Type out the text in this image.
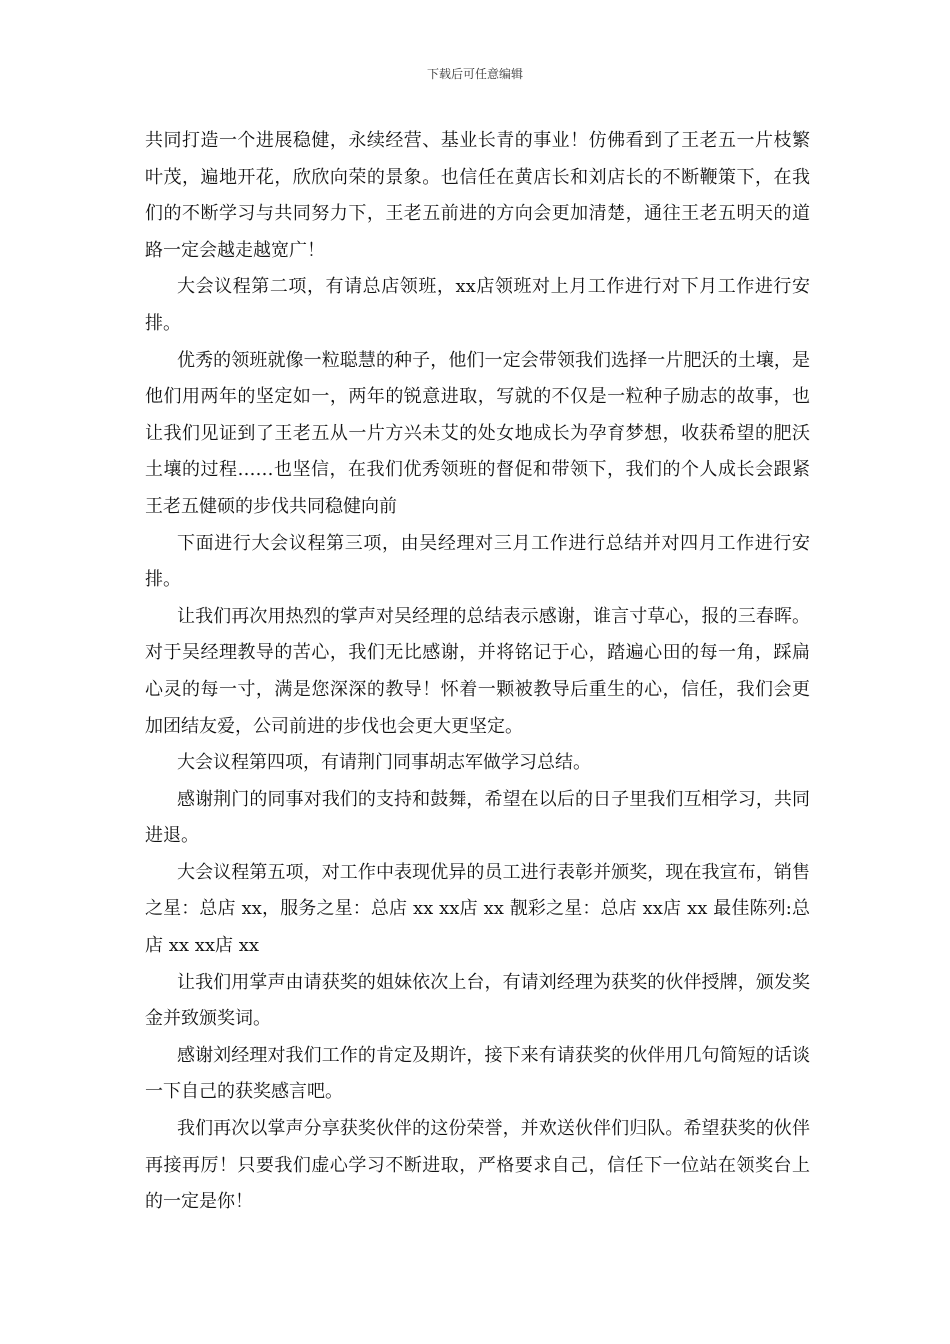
下载后可任意编辑

共同打造一个进展稳健，永续经营、基业长青的事业！仿佛看到了王老五一片枝繁叶茂，遍地开花，欣欣向荣的景象。也信任在黄店长和刘店长的不断鞭策下，在我们的不断学习与共同努力下，王老五前进的方向会更加清楚，通往王老五明天的道路一定会越走越宽广！

大会议程第二项，有请总店领班，xx店领班对上月工作进行对下月工作进行安排。

优秀的领班就像一粒聪慧的种子，他们一定会带领我们选择一片肥沃的土壤，是他们用两年的坚定如一，两年的锐意进取，写就的不仅是一粒种子励志的故事，也让我们见证到了王老五从一片方兴未艾的处女地成长为孕育梦想，收获希望的肥沃土壤的过程……也坚信，在我们优秀领班的督促和带领下，我们的个人成长会跟紧王老五健硕的步伐共同稳健向前

下面进行大会议程第三项，由吴经理对三月工作进行总结并对四月工作进行安排。

让我们再次用热烈的掌声对吴经理的总结表示感谢，谁言寸草心，报的三春晖。对于吴经理教导的苦心，我们无比感谢，并将铭记于心，踏遍心田的每一角，踩扁心灵的每一寸，满是您深深的教导！怀着一颗被教导后重生的心，信任，我们会更加团结友爱，公司前进的步伐也会更大更坚定。

大会议程第四项，有请荆门同事胡志军做学习总结。

感谢荆门的同事对我们的支持和鼓舞，希望在以后的日子里我们互相学习，共同进退。

大会议程第五项，对工作中表现优异的员工进行表彰并颁奖，现在我宣布，销售之星：总店 xx，服务之星：总店 xx xx店 xx 靓彩之星：总店 xx店 xx 最佳陈列:总店 xx xx店 xx

让我们用掌声由请获奖的姐妹依次上台，有请刘经理为获奖的伙伴授牌，颁发奖金并致颁奖词。

感谢刘经理对我们工作的肯定及期许，接下来有请获奖的伙伴用几句简短的话谈一下自己的获奖感言吧。

我们再次以掌声分享获奖伙伴的这份荣誉，并欢送伙伴们归队。希望获奖的伙伴再接再厉！只要我们虚心学习不断进取，严格要求自己，信任下一位站在领奖台上的一定是你！
